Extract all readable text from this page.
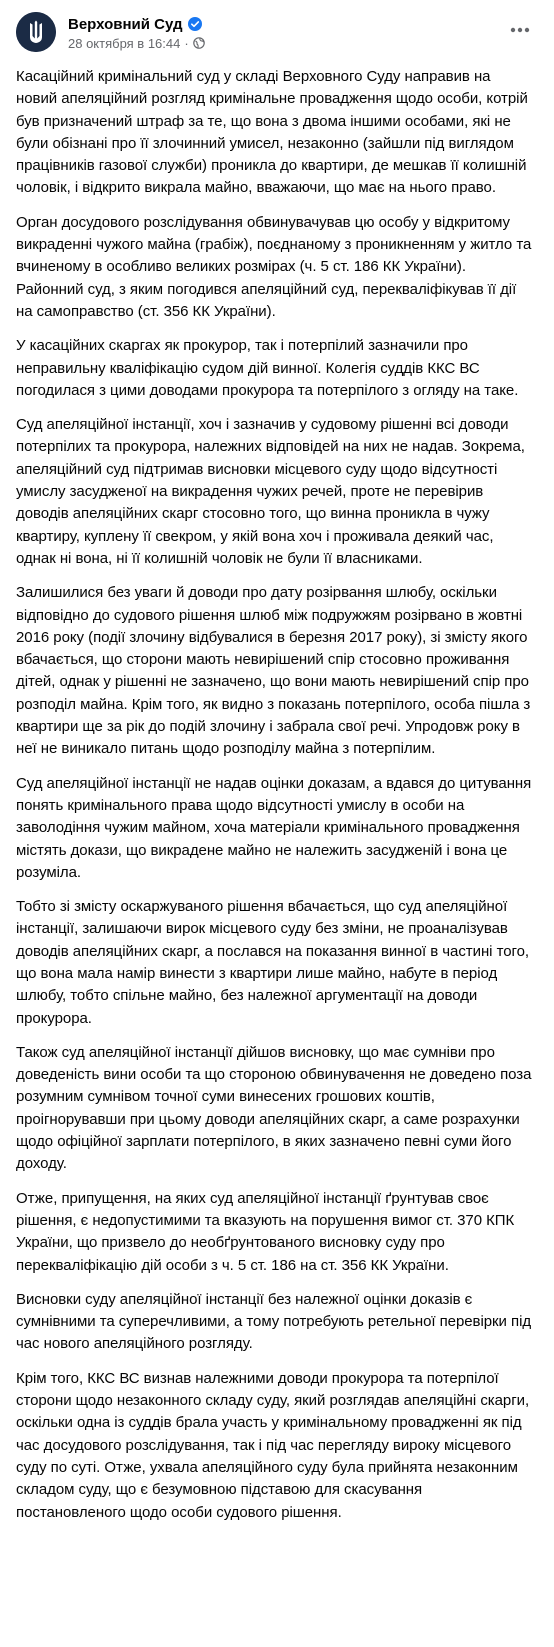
Верховний Суд
28 октября в 16:44 ·

Касаційний кримінальний суд у складі Верховного Суду направив на новий апеляційний розгляд кримінальне провадження щодо особи, котрій був призначений штраф за те, що вона з двома іншими особами, які не були обізнані про її злочинний умисел, незаконно (зайшли під виглядом працівників газової служби) проникла до квартири, де мешкав її колишній чоловік, і відкрито викрала майно, вважаючи, що має на нього право.

Орган досудового розслідування обвинувачував цю особу у відкритому викраденні чужого майна (грабіж), поєднаному з проникненням у житло та вчиненому в особливо великих розмірах (ч. 5 ст. 186 КК України). Районний суд, з яким погодився апеляційний суд, перекваліфікував її дії на самоправство (ст. 356 КК України).

У касаційних скаргах як прокурор, так і потерпілий зазначили про неправильну кваліфікацію судом дій винної. Колегія суддів ККС ВС погодилася з цими доводами прокурора та потерпілого з огляду на таке.

Суд апеляційної інстанції, хоч і зазначив у судовому рішенні всі доводи потерпілих та прокурора, належних відповідей на них не надав. Зокрема, апеляційний суд підтримав висновки місцевого суду щодо відсутності умислу засудженої на викрадення чужих речей, проте не перевірив доводів апеляційних скарг стосовно того, що винна проникла в чужу квартиру, куплену її свекром, у якій вона хоч і проживала деякий час, однак ні вона, ні її колишній чоловік не були її власниками.

Залишилися без уваги й доводи про дату розірвання шлюбу, оскільки відповідно до судового рішення шлюб між подружжям розірвано в жовтні 2016 року (події злочину відбувалися в березня 2017 року), зі змісту якого вбачається, що сторони мають невирішений спір стосовно проживання дітей, однак у рішенні не зазначено, що вони мають невирішений спір про розподіл майна. Крім того, як видно з показань потерпілого, особа пішла з квартири ще за рік до подій злочину і забрала свої речі. Упродовж року в неї не виникало питань щодо розподілу майна з потерпілим.

Суд апеляційної інстанції не надав оцінки доказам, а вдався до цитування понять кримінального права щодо відсутності умислу в особи на заволодіння чужим майном, хоча матеріали кримінального провадження містять докази, що викрадене майно не належить засудженій і вона це розуміла.

Тобто зі змісту оскаржуваного рішення вбачається, що суд апеляційної інстанції, залишаючи вирок місцевого суду без зміни, не проаналізував доводів апеляційних скарг, а послався на показання винної в частині того, що вона мала намір винести з квартири лише майно, набуте в період шлюбу, тобто спільне майно, без належної аргументації на доводи прокурора.

Також суд апеляційної інстанції дійшов висновку, що має сумніви про доведеність вини особи та що стороною обвинувачення не доведено поза розумним сумнівом точної суми винесених грошових коштів, проігнорувавши при цьому доводи апеляційних скарг, а саме розрахунки щодо офіційної зарплати потерпілого, в яких зазначено певні суми його доходу.

Отже, припущення, на яких суд апеляційної інстанції ґрунтував своє рішення, є недопустимими та вказують на порушення вимог ст. 370 КПК України, що призвело до необґрунтованого висновку суду про перекваліфікацію дій особи з ч. 5 ст. 186 на ст. 356 КК України.

Висновки суду апеляційної інстанції без належної оцінки доказів є сумнівними та суперечливими, а тому потребують ретельної перевірки під час нового апеляційного розгляду.

Крім того, ККС ВС визнав належними доводи прокурора та потерпілої сторони щодо незаконного складу суду, який розглядав апеляційні скарги, оскільки одна із суддів брала участь у кримінальному провадженні як під час досудового розслідування, так і під час перегляду вироку місцевого суду по суті. Отже, ухвала апеляційного суду була прийнята незаконним складом суду, що є безумовною підставою для скасування постановленого щодо особи судового рішення.
